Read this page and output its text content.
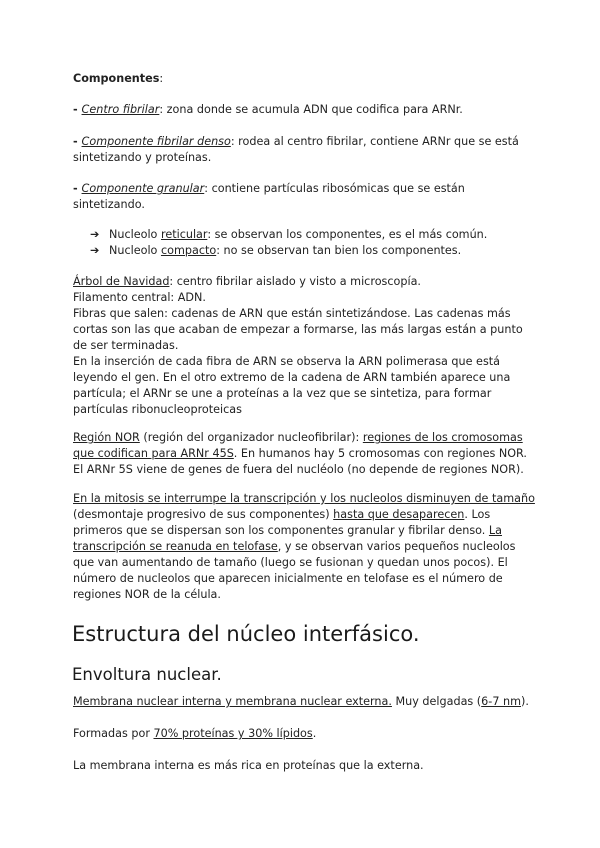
Componentes:

- Centro fibrilar: zona donde se acumula ADN que codifica para ARNr.

- Componente fibrilar denso: rodea al centro fibrilar, contiene ARNr que se está sintetizando y proteínas.

- Componente granular: contiene partículas ribosómicas que se están sintetizando.

➔ Nucleolo reticular: se observan los componentes, es el más común.

➔ Nucleolo compacto: no se observan tan bien los componentes.

Árbol de Navidad: centro fibrilar aislado y visto a microscopía.
Filamento central: ADN.
Fibras que salen: cadenas de ARN que están sintetizándose. Las cadenas más cortas son las que acaban de empezar a formarse, las más largas están a punto de ser terminadas.
En la inserción de cada fibra de ARN se observa la ARN polimerasa que está leyendo el gen. En el otro extremo de la cadena de ARN también aparece una partícula; el ARNr se une a proteínas a la vez que se sintetiza, para formar partículas ribonucleoproteicas

Región NOR (región del organizador nucleofibrilar): regiones de los cromosomas que codifican para ARNr 45S. En humanos hay 5 cromosomas con regiones NOR. El ARNr 5S viene de genes de fuera del nucléolo (no depende de regiones NOR).

En la mitosis se interrumpe la transcripción y los nucleolos disminuyen de tamaño (desmontaje progresivo de sus componentes) hasta que desaparecen. Los primeros que se dispersan son los componentes granular y fibrilar denso. La transcripción se reanuda en telofase, y se observan varios pequeños nucleolos que van aumentando de tamaño (luego se fusionan y quedan unos pocos). El número de nucleolos que aparecen inicialmente en telofase es el número de regiones NOR de la célula.

Estructura del núcleo interfásico.
Envoltura nuclear.

Membrana nuclear interna y membrana nuclear externa. Muy delgadas (6-7 nm).

Formadas por 70% proteínas y 30% lípidos.

La membrana interna es más rica en proteínas que la externa.
